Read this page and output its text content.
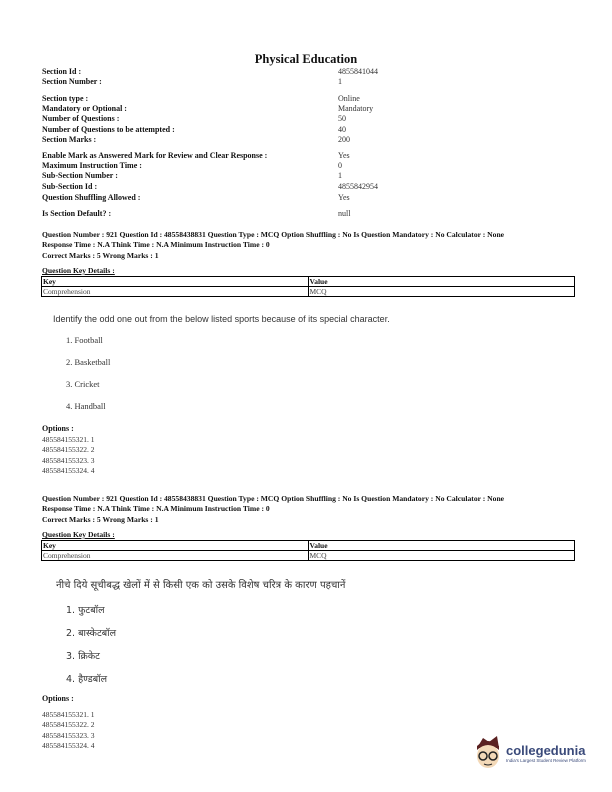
Physical Education
Section Id :	4855841044
Section Number :	1
Section type :	Online
Mandatory or Optional :	Mandatory
Number of Questions :	50
Number of Questions to be attempted :	40
Section Marks :	200
Enable Mark as Answered Mark for Review and Clear Response :	Yes
Maximum Instruction Time :	0
Sub-Section Number :	1
Sub-Section Id :	4855842954
Question Shuffling Allowed :	Yes
Is Section Default? :	null
Question Number : 921 Question Id : 48558438831 Question Type : MCQ Option Shuffling : No Is Question Mandatory : No Calculator : None
Response Time : N.A Think Time : N.A Minimum Instruction Time : 0
Correct Marks : 5 Wrong Marks : 1
Question Key Details :
Key	Value
Comprehension	MCQ
Identify the odd one out from the below listed sports because of its special character.
1. Football
2. Basketball
3. Cricket
4. Handball
Options :
485584155321. 1
485584155322. 2
485584155323. 3
485584155324. 4
Question Number : 921 Question Id : 48558438831 Question Type : MCQ Option Shuffling : No Is Question Mandatory : No Calculator : None
Response Time : N.A Think Time : N.A Minimum Instruction Time : 0
Correct Marks : 5 Wrong Marks : 1
Question Key Details :
Key	Value
Comprehension	MCQ
नीचे दिये सूचीबद्ध खेलों में से किसी एक को उसके विशेष चरित्र के कारण पहचानें
1. फुटबॉल
2. बास्केटबॉल
3. क्रिकेट
4. हैण्डबॉल
Options :
485584155321. 1
485584155322. 2
485584155323. 3
485584155324. 4	collegedunia
India's Largest Student Review Platform
